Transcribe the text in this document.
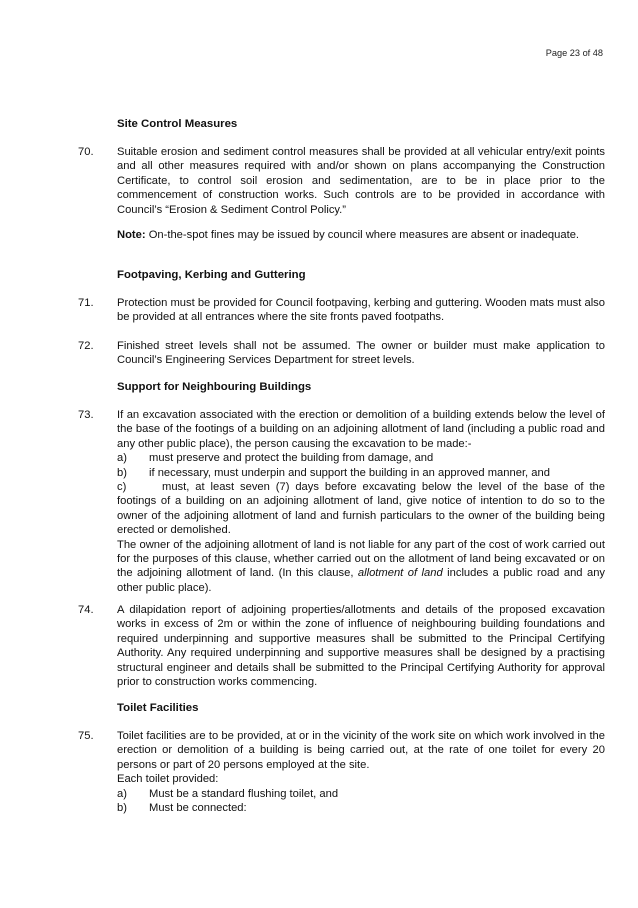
Page 23 of 48
Site Control Measures
70. Suitable erosion and sediment control measures shall be provided at all vehicular entry/exit points and all other measures required with and/or shown on plans accompanying the Construction Certificate, to control soil erosion and sedimentation, are to be in place prior to the commencement of construction works. Such controls are to be provided in accordance with Council’s “Erosion & Sediment Control Policy.”
Note: On-the-spot fines may be issued by council where measures are absent or inadequate.
Footpaving, Kerbing and Guttering
71. Protection must be provided for Council footpaving, kerbing and guttering. Wooden mats must also be provided at all entrances where the site fronts paved footpaths.
72. Finished street levels shall not be assumed. The owner or builder must make application to Council’s Engineering Services Department for street levels.
Support for Neighbouring Buildings
73. If an excavation associated with the erection or demolition of a building extends below the level of the base of the footings of a building on an adjoining allotment of land (including a public road and any other public place), the person causing the excavation to be made:-
a)	must preserve and protect the building from damage, and
b)	if necessary, must underpin and support the building in an approved manner, and
c)	must, at least seven (7) days before excavating below the level of the base of the footings of a building on an adjoining allotment of land, give notice of intention to do so to the owner of the adjoining allotment of land and furnish particulars to the owner of the building being erected or demolished.
The owner of the adjoining allotment of land is not liable for any part of the cost of work carried out for the purposes of this clause, whether carried out on the allotment of land being excavated or on the adjoining allotment of land. (In this clause, allotment of land includes a public road and any other public place).
74. A dilapidation report of adjoining properties/allotments and details of the proposed excavation works in excess of 2m or within the zone of influence of neighbouring building foundations and required underpinning and supportive measures shall be submitted to the Principal Certifying Authority. Any required underpinning and supportive measures shall be designed by a practising structural engineer and details shall be submitted to the Principal Certifying Authority for approval prior to construction works commencing.
Toilet Facilities
75. Toilet facilities are to be provided, at or in the vicinity of the work site on which work involved in the erection or demolition of a building is being carried out, at the rate of one toilet for every 20 persons or part of 20 persons employed at the site.
Each toilet provided:
a)	Must be a standard flushing toilet, and
b)	Must be connected:
